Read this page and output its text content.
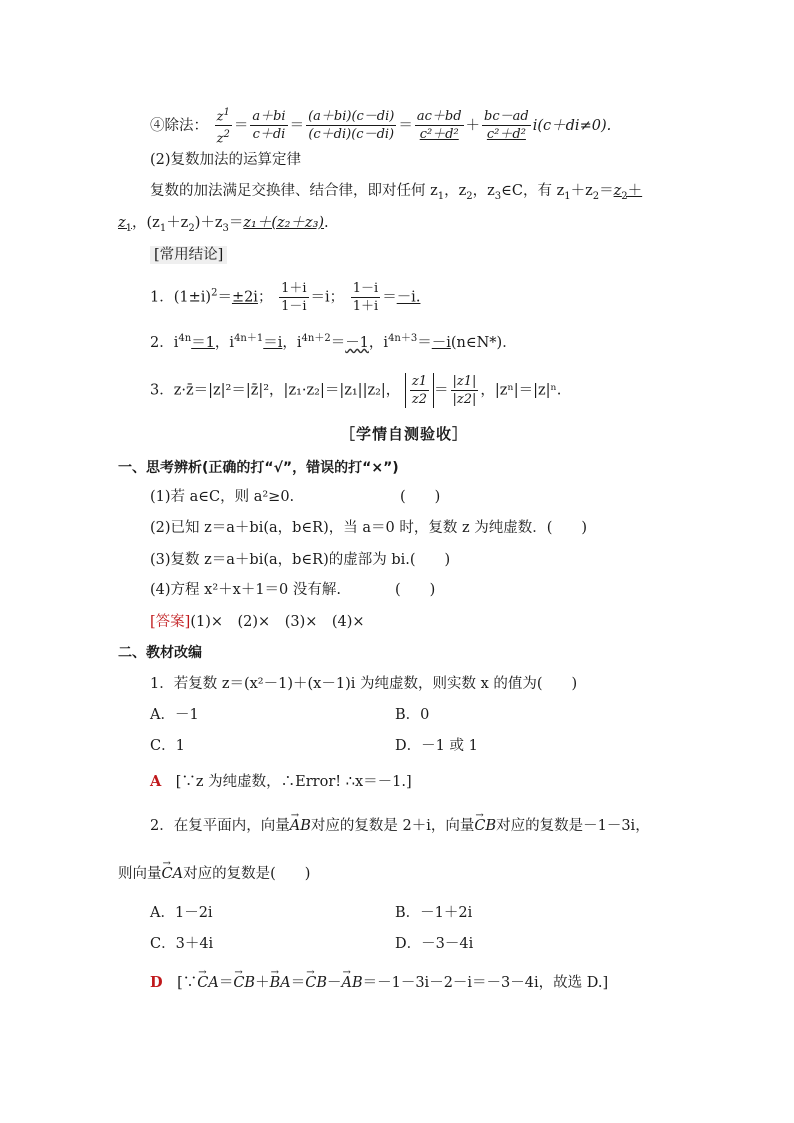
④除法： $\frac{z^1}{z^2} = \frac{a+bi}{c+di} = \frac{(a+bi)(c-di)}{(c+di)(c-di)} = \frac{ac+bd}{\text{c²＋d²}} + \frac{bc-ad}{\text{c²＋d²}} i(c+di\ne 0)$.
(2)复数加法的运算定律
复数的加法满足交换律、结合律，即对任何 $z_1$，$z_2$，$z_3\in C$，有 $z_1+z_2=z_2+$
$z_1$，$(z_1+z_2)+z_3=z_1+(z_2+z_3)$.
[常用结论]
1．$(1\pm i)^2=\pm 2i$； $\frac{1+i}{1-i} =i$； $\frac{1-i}{1+i} =-i$.
2．$i^{4n}=1$，$i^{4n+1}=i$，$i^{4n+2}=-1$，$i^{4n+3}=-i(n\in N*)$．
3．z·z̄＝|z|²＝|z̄|²，|z₁·z₂|＝|z₁||z₂|， $\frac{z1}{z2} = \frac{|z1|}{|z2|}$ ，|zⁿ|＝|z|ⁿ.
［学情自测验收］
一、思考辨析(正确的打“√”，错误的打“×”)
(1)若 a∈C，则 a²≥0.	(　　)
(2)已知 z＝a＋bi(a，b∈R)，当 a＝0 时，复数 z 为纯虚数．(　　)
(3)复数 z＝a＋bi(a，b∈R)的虚部为 bi.(　　)
(4)方程 x²＋x＋1＝0 没有解.	(　　)
[答案](1)×　(2)×　(3)×　(4)×
二、教材改编
1．若复数 z＝(x²－1)＋(x－1)i 为纯虚数，则实数 x 的值为(　　)
A．－1	B．0
C．1	D．－1 或 1
A　 [∵z 为纯虚数，∴Error! ∴x＝－1.]
2．在复平面内，向量→ AB对应的复数是 2＋i，向量→ CB对应的复数是－1－3i，
则向量→ CA对应的复数是(　　)
A．1－2i	B．－1＋2i
C．3＋4i	D．－3－4i
D　 [∵→ CA＝→ CB＋→ BA＝→ CB－→ AB＝－1－3i－2－i＝－3－4i，故选 D.]
